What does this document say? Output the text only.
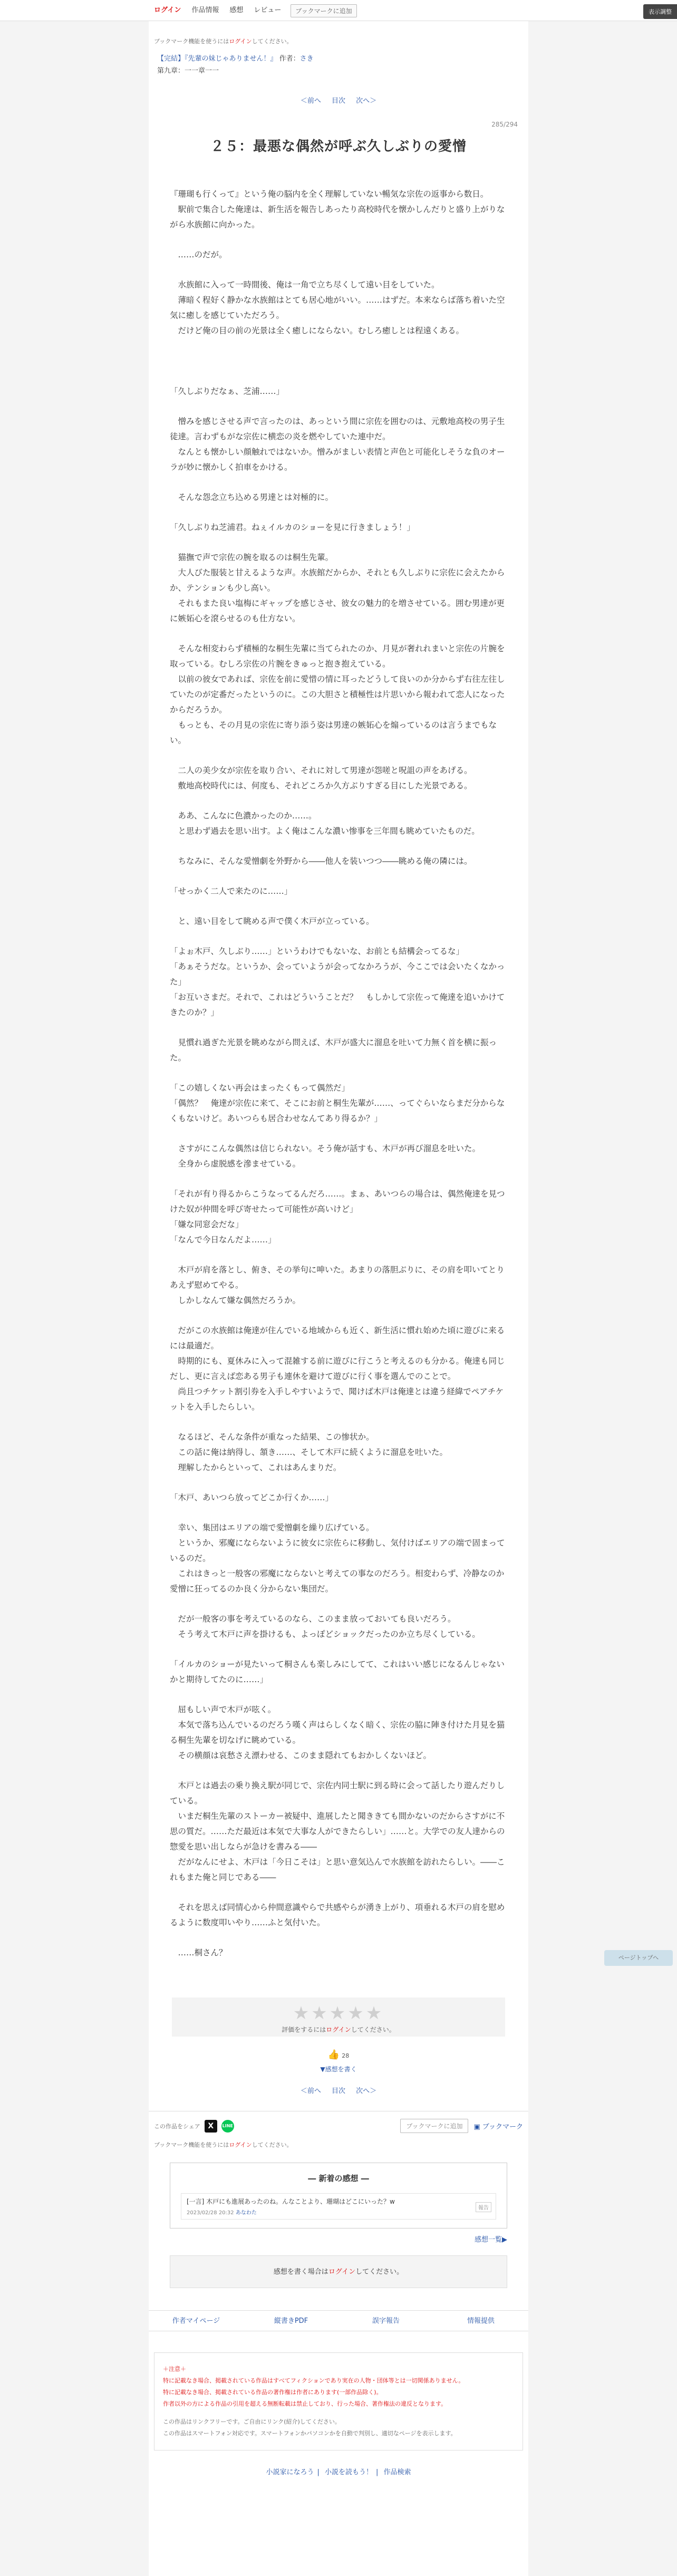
ログイン	作品情報	感想	レビュー	ブックマークに追加	表示調整
ブックマーク機能を使うにはログインしてください。
【完結】『先輩の妹じゃありません！』 作者：さき
第九章：一一章一一
＜前へ 目次 次へ＞
285/294
２５：最悪な偶然が呼ぶ久しぶりの愛憎

『珊瑚も行くって』という俺の脳内を全く理解していない暢気な宗佐の返事から数日。
　駅前で集合した俺達は、新生活を報告しあったり高校時代を懐かしんだりと盛り上がりながら水族館に向かった。

　……のだが。

　水族館に入って一時間後、俺は一角で立ち尽くして遠い目をしていた。
　薄暗く程好く静かな水族館はとても居心地がいい。……はずだ。本来ならば落ち着いた空気に癒しを感じていただろう。
　だけど俺の目の前の光景は全く癒しにならない。むしろ癒しとは程遠くある。

「久しぶりだなぁ、芝浦……」

　憎みを感じさせる声で言ったのは、あっという間に宗佐を囲むのは、元敷地高校の男子生徒達。言わずもがな宗佐に横恋の炎を燃やしていた連中だ。
　なんとも懐かしい顔触れではないか。憎みがましい表情と声色と可能化しそうな負のオーラが妙に懐かしく拍車をかける。

　そんな怨念立ち込める男達とは対極的に。

「久しぶりね芝浦君。ねぇイルカのショーを見に行きましょう！」

　猫撫で声で宗佐の腕を取るのは桐生先輩。
　大人びた服装と甘えるような声。水族館だからか、それとも久しぶりに宗佐に会えたからか、テンションも少し高い。
　それもまた良い塩梅にギャップを感じさせ、彼女の魅力的を増させている。囲む男達が更に嫉妬心を滾らせるのも仕方ない。

　そんな相変わらず積極的な桐生先輩に当てられたのか、月見が奢れれまいと宗佐の片腕を取っている。むしろ宗佐の片腕をきゅっと抱き抱えている。
　以前の彼女であれば、宗佐を前に愛惜の情に耳ったどうして良いのか分からず右往左往していたのが定番だったというのに。この大胆さと積極性は片思いから報われて恋人になったからだろうか。
　もっとも、その月見の宗佐に寄り添う姿は男達の嫉妬心を煽っているのは言うまでもない。

　二人の美少女が宗佐を取り合い、それに対して男達が怨嗟と呪詛の声をあげる。
　敷地高校時代には、何度も、それどころか久方ぶりすぎる目にした光景である。

　ああ、こんなに色濃かったのか……。
　と思わず過去を思い出す。よく俺はこんな濃い惨事を三年間も眺めていたものだ。

　ちなみに、そんな愛憎劇を外野から――他人を装いつつ――眺める俺の隣には。

「せっかく二人で来たのに……」

　と、遠い目をして眺める声で僕く木戸が立っている。

「よぉ木戸、久しぶり……」というわけでもないな、お前とも結構会ってるな」
「あぁそうだな。というか、会っていようが会ってなかろうが、今ここでは会いたくなかった」
「お互いさまだ。それで、これはどういうことだ？　もしかして宗佐って俺達を追いかけてきたのか？」

　見慣れ過ぎた光景を眺めながら問えば、木戸が盛大に溜息を吐いて力無く首を横に振った。

「この嬉しくない再会はまったくもって偶然だ」
「偶然？　俺達が宗佐に来て、そこにお前と桐生先輩が……、ってぐらいならまだ分からなくもないけど。あいつらも居合わせなんてあり得るか？」

　さすがにこんな偶然は信じられない。そう俺が話すも、木戸が再び溜息を吐いた。
　全身から虚脱感を滲ませている。

「それが有り得るからこうなってるんだろ……。まぁ、あいつらの場合は、偶然俺達を見つけた奴が仲間を呼び寄せたって可能性が高いけど」
「嫌な同窓会だな」
「なんで今日なんだよ……」

　木戸が肩を落とし、俯き、その挙句に呻いた。あまりの落胆ぶりに、その肩を叩いてとりあえず慰めてやる。
　しかしなんて嫌な偶然だろうか。

　だがこの水族館は俺達が住んでいる地域からも近く、新生活に慣れ始めた頃に遊びに来るには最適だ。
　時期的にも、夏休みに入って混雑する前に遊びに行こうと考えるのも分かる。俺達も同じだし、更に言えば恋ある男子も連休を避けて遊びに行く事を選んでのことで。
　尚且つチケット割引券を入手しやすいようで、聞けば木戸は俺達とは違う経緯でペアチケットを入手したらしい。

　なるほど、そんな条件が重なった結果、この惨状か。
　この話に俺は納得し、頷き……、そして木戸に続くように溜息を吐いた。
　理解したからといって、これはあんまりだ。

「木戸、あいつら放ってどこか行くか……」

　幸い、集団はエリアの端で愛憎劇を繰り広げている。
　というか、邪魔にならないように彼女に宗佐らに移動し、気付けばエリアの端で固まっているのだ。
　これはきっと一般客の邪魔にならないと考えての事なのだろう。相変わらず、冷静なのか愛憎に狂ってるのか良く分からない集団だ。

　だが一般客の事を考えているのなら、このまま放っておいても良いだろう。
　そう考えて木戸に声を掛けるも、よっぽどショックだったのか立ち尽くしている。

「イルカのショーが見たいって桐さんも楽しみにしてて、これはいい感じになるんじゃないかと期待してたのに……」

　屈もしい声で木戸が呟く。
　本気で落ち込んでいるのだろう嘆く声はらしくなく暗く、宗佐の脇に陣き付けた月見を猫る桐生先輩を切なげに眺めている。
　その横顔は哀愁さえ漂わせる、このまま隠れてもおかしくないほど。

　木戸とは過去の乗り換え駅が同じで、宗佐内同士駅に到る時に会って話したり遊んだりしている。
　いまだ桐生先輩のストーカー被疑中、進展したと聞ききても間かないのだからさすがに不思の質だ。……ただ最近は本気で大事な人ができたらしい」……と。大学での友人達からの惣愛を思い出しならが急けを書みる――
　だがなんにせよ、木戸は「今日こそは」と思い意気込んで水族館を訪れたらしい。――これもまた俺と同じである――

　それを思えば同情心から仲間意識やらで共感やらが湧き上がり、項垂れる木戸の肩を慰めるように数度叩いやり……ふと気付いた。

　……桐さん？

★★★★★
評価をするにはログインしてください。
👍 28
▼感想を書く
＜前へ 目次 次へ＞
この作品をシェア	X	LINE	ブックマークに追加	▣ ブックマーク
ブックマーク機能を使うにはログインしてください。
― 新着の感想 ―
[一言] 木戸にも進展あったのね。んなことより、珊瑚はどこにいった？w
2023/02/28 20:32 あなわた
報告
感想一覧▶
感想を書く場合はログインしてください。
作者マイページ	縦書きPDF	誤字報告	情報提供
＋注意＋
特に記載なき場合、掲載されている作品はすべてフィクションであり実在の人物・団体等とは一切関係ありません。
特に記載なき場合、掲載されている作品の著作権は作者にあります(一部作品除く)。
作者以外の方による作品の引用を超える無断転載は禁止しており、行った場合、著作権法の違反となります。
この作品はリンクフリーです。ご自由にリンク(紹介)してください。
この作品はスマートフォン対応です。スマートフォンかパソコンかを自動で判別し、適切なページを表示します。
小説家になろう | 小説を読もう！ | 作品検索
ページトップへ
